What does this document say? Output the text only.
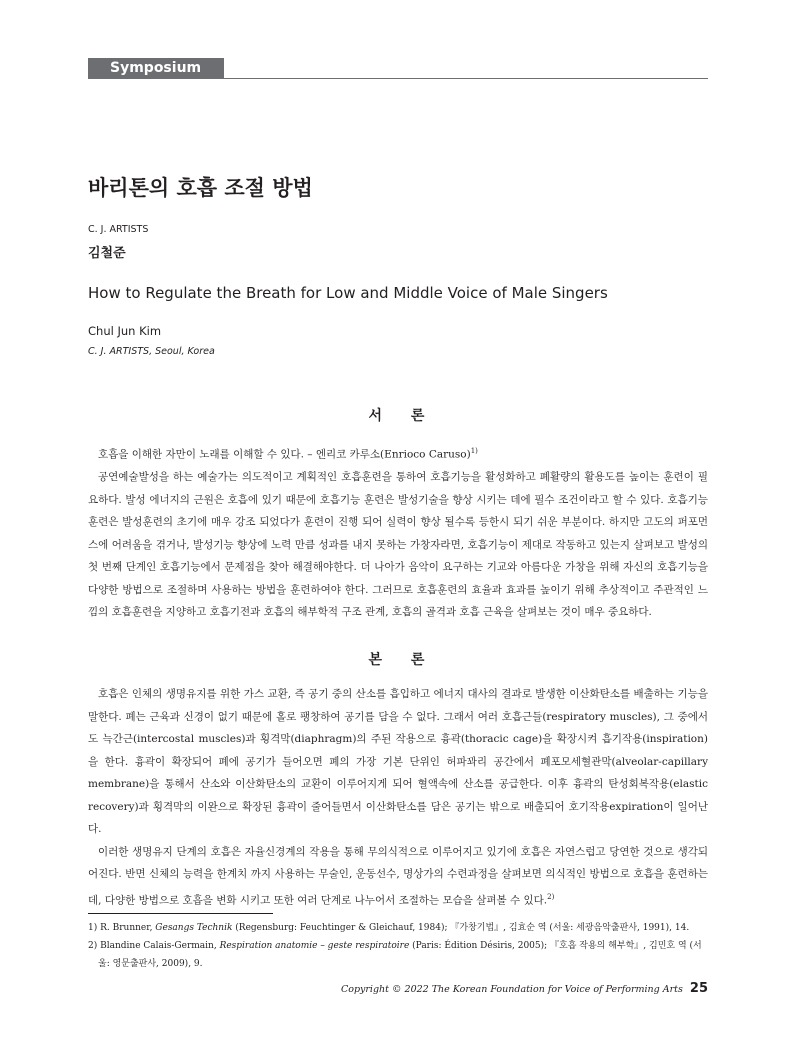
Symposium
바리톤의 호흡 조절 방법
C. J. ARTISTS
김철준
How to Regulate the Breath for Low and Middle Voice of Male Singers
Chul Jun Kim
C. J. ARTISTS, Seoul, Korea
서 론

호흡을 이해한 자만이 노래를 이해할 수 있다. – 엔리코 카루소(Enrioco Caruso)$^{1)}$

공연예술발성을 하는 예술가는 의도적이고 계획적인 호흡훈련을 통하여 호흡기능을 활성화하고 폐활량의 활용도를 높이는 훈련이 필요하다. 발성 에너지의 근원은 호흡에 있기 때문에 호흡기능 훈련은 발성기술을 향상 시키는 데에 필수 조건이라고 할 수 있다. 호흡기능 훈련은 발성훈련의 초기에 매우 강조 되었다가 훈련이 진행 되어 실력이 향상 될수록 등한시 되기 쉬운 부분이다. 하지만 고도의 퍼포먼스에 어려움을 겪거나, 발성기능 향상에 노력 만큼 성과를 내지 못하는 가창자라면, 호흡기능이 제대로 작동하고 있는지 살펴보고 발성의 첫 번째 단계인 호흡기능에서 문제점을 찾아 해결해야한다. 더 나아가 음악이 요구하는 기교와 아름다운 가창을 위해 자신의 호흡기능을 다양한 방법으로 조절하며 사용하는 방법을 훈련하여야 한다. 그러므로 호흡훈련의 효율과 효과를 높이기 위해 추상적이고 주관적인 느낌의 호흡훈련을 지양하고 호흡기전과 호흡의 해부학적 구조 관계, 호흡의 골격과 호흡 근육을 살펴보는 것이 매우 중요하다.

본 론

호흡은 인체의 생명유지를 위한 가스 교환, 즉 공기 중의 산소를 흡입하고 에너지 대사의 결과로 발생한 이산화탄소를 배출하는 기능을 말한다. 폐는 근육과 신경이 없기 때문에 홀로 팽창하여 공기를 담을 수 없다. 그래서 여러 호흡근들(respiratory muscles), 그 중에서도 늑간근(intercostal muscles)과 횡격막(diaphragm)의 주된 작용으로 흉곽(thoracic cage)을 확장시켜 흡기작용(inspiration)을 한다. 흉곽이 확장되어 폐에 공기가 들어오면 폐의 가장 기본 단위인 허파꽈리 공간에서 폐포모세혈관막(alveolar-capillary membrane)을 통해서 산소와 이산화탄소의 교환이 이루어지게 되어 혈액속에 산소를 공급한다. 이후 흉곽의 탄성회복작용(elastic recovery)과 횡격막의 이완으로 확장된 흉곽이 줄어들면서 이산화탄소를 담은 공기는 밖으로 배출되어 호기작용expiration이 일어난다.

이러한 생명유지 단계의 호흡은 자율신경계의 작용을 통해 무의식적으로 이루어지고 있기에 호흡은 자연스럽고 당연한 것으로 생각되어진다. 반면 신체의 능력을 한계치 까지 사용하는 무술인, 운동선수, 명상가의 수련과정을 살펴보면 의식적인 방법으로 호흡을 훈련하는데, 다양한 방법으로 호흡을 변화 시키고 또한 여러 단계로 나누어서 조절하는 모습을 살펴볼 수 있다.$^{2)}$

1) R. Brunner, Gesangs Technik (Regensburg: Feuchtinger & Gleichauf, 1984); 『가창기법』, 김효순 역 (서울: 세광음악출판사, 1991), 14.

2) Blandine Calais-Germain, Respiration anatomie – geste respiratoire (Paris: Édition Désiris, 2005); 『호흡 작용의 해부학』, 김민호 역 (서울: 영문출판사, 2009), 9.

Copyright © 2022 The Korean Foundation for Voice of Performing Arts 25
